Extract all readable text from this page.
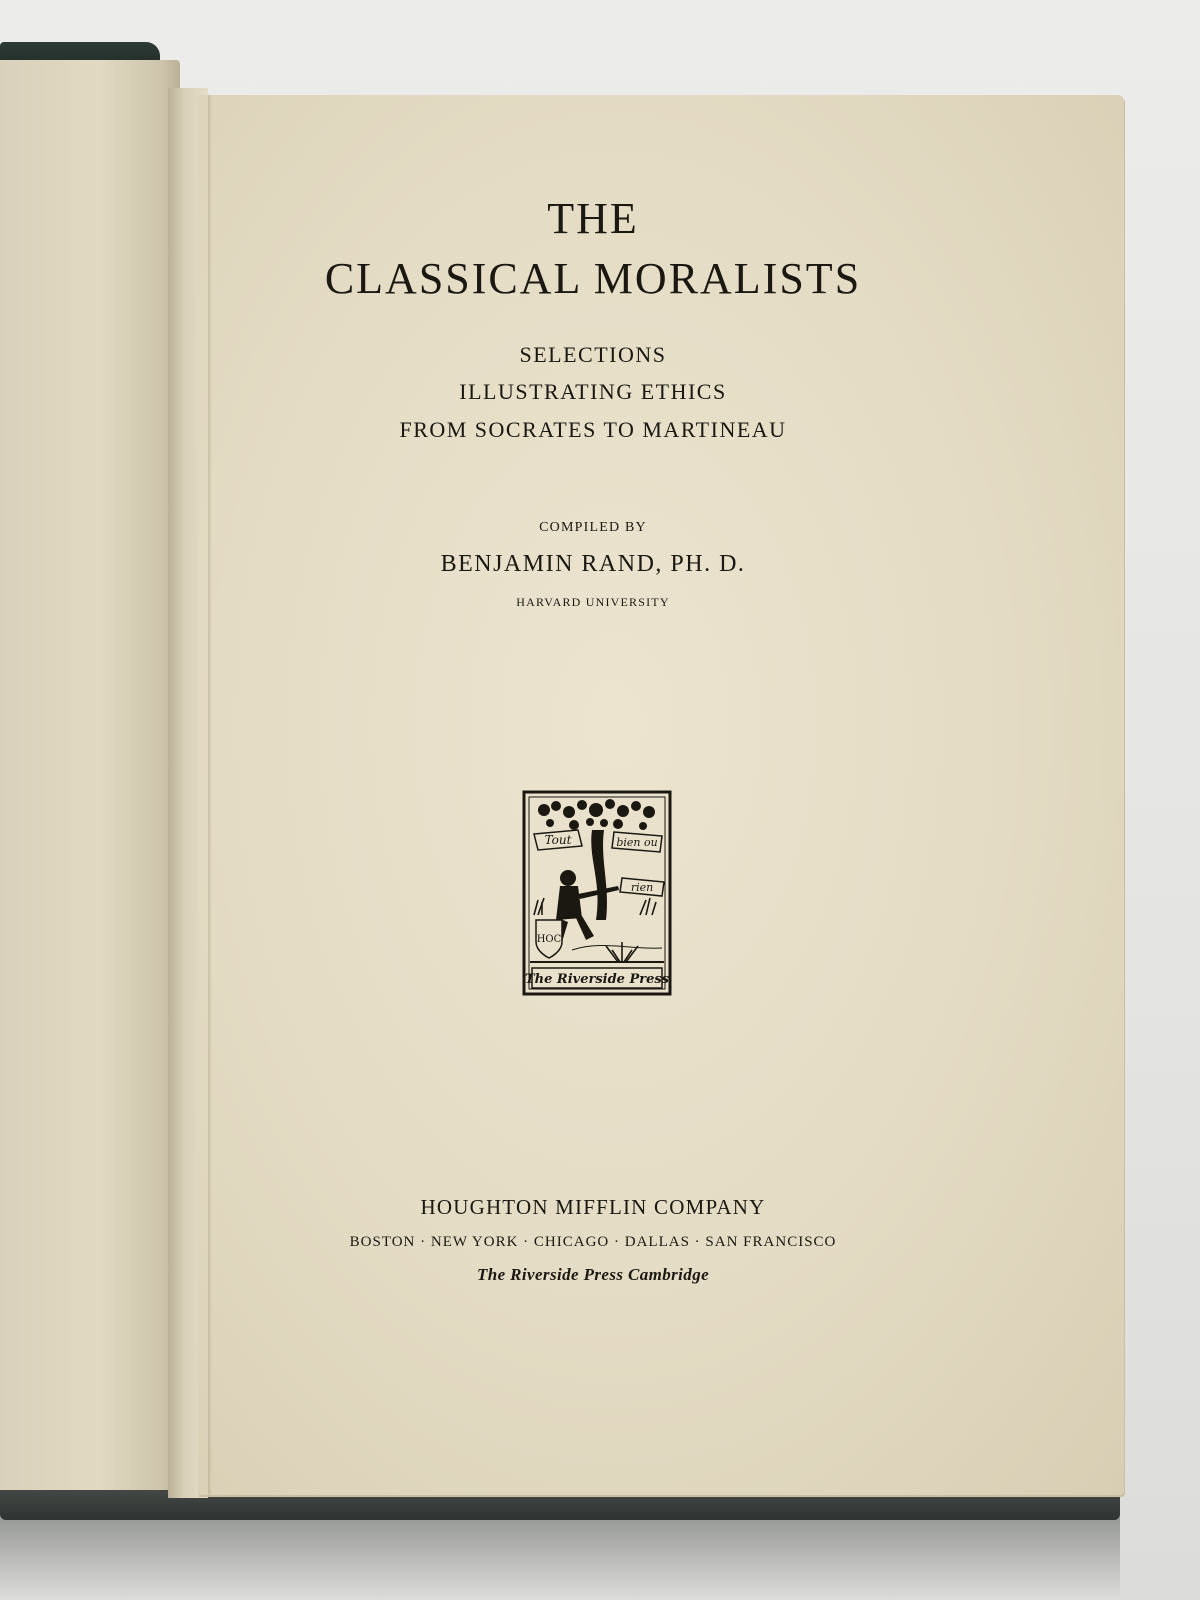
THE
CLASSICAL MORALISTS
SELECTIONS
ILLUSTRATING ETHICS
FROM SOCRATES TO MARTINEAU
COMPILED BY
BENJAMIN RAND, PH. D.
HARVARD UNIVERSITY
Tout	bien ou
rien
HOC
The Riverside Press
HOUGHTON MIFFLIN COMPANY
BOSTON · NEW YORK · CHICAGO · DALLAS · SAN FRANCISCO
The Riverside Press Cambridge
